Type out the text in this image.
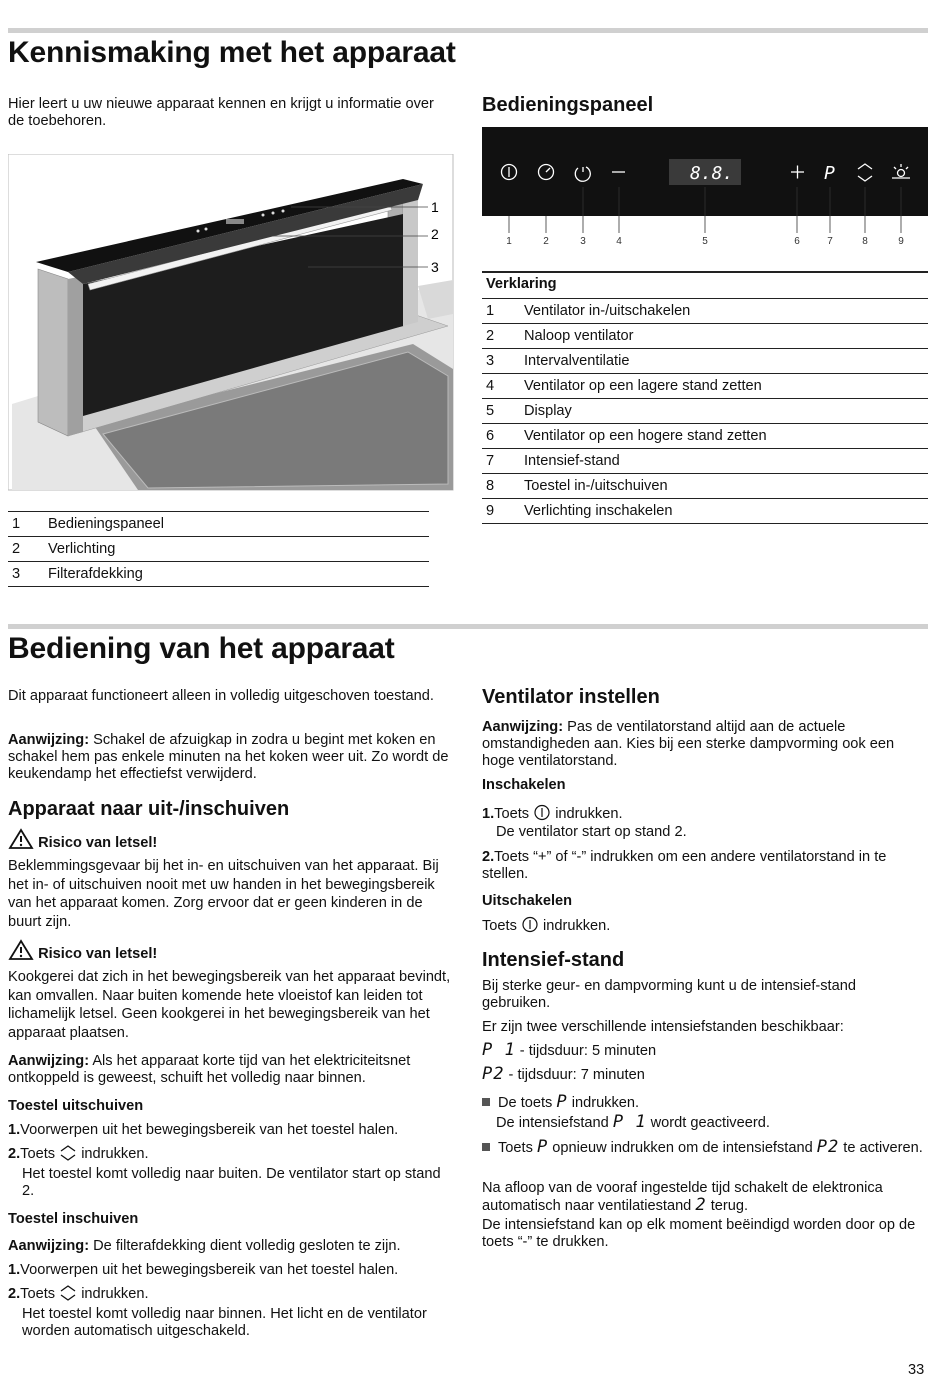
Kennismaking met het apparaat

Hier leert u uw nieuwe apparaat kennen en krijgt u informatie over de toebehoren.

1
2
3
1	Bedieningspaneel
2	Verlichting
3	Filterafdekking
Bedieningspaneel
P
8.8.
1	2	3	4	5	6	7	8	9
Verklaring
1	Ventilator in-/uitschakelen
2	Naloop ventilator
3	Intervalventilatie
4	Ventilator op een lagere stand zetten
5	Display
6	Ventilator op een hogere stand zetten
7	Intensief-stand
8	Toestel in-/uitschuiven
9	Verlichting inschakelen
Bediening van het apparaat

Dit apparaat functioneert alleen in volledig uitgeschoven toestand.

Aanwijzing: Schakel de afzuigkap in zodra u begint met koken en schakel hem pas enkele minuten na het koken weer uit. Zo wordt de keukendamp het effectiefst verwijderd.

Apparaat naar uit-/inschuiven
Risico van letsel!

Beklemmingsgevaar bij het in- en uitschuiven van het apparaat. Bij het in- of uitschuiven nooit met uw handen in het bewegingsbereik van het apparaat komen. Zorg ervoor dat er geen kinderen in de buurt zijn.

Risico van letsel!

Kookgerei dat zich in het bewegingsbereik van het apparaat bevindt, kan omvallen. Naar buiten komende hete vloeistof kan leiden tot lichamelijk letsel. Geen kookgerei in het bewegingsbereik van het apparaat plaatsen.

Aanwijzing: Als het apparaat korte tijd van het elektriciteitsnet ontkoppeld is geweest, schuift het volledig naar binnen.

Toestel uitschuiven

1.Voorwerpen uit het bewegingsbereik van het toestel halen.

2.Toets indrukken.

Het toestel komt volledig naar buiten. De ventilator start op stand 2.

Toestel inschuiven

Aanwijzing: De filterafdekking dient volledig gesloten te zijn.

1.Voorwerpen uit het bewegingsbereik van het toestel halen.

2.Toets indrukken.

Het toestel komt volledig naar binnen. Het licht en de ventilator worden automatisch uitgeschakeld.

Ventilator instellen

Aanwijzing: Pas de ventilatorstand altijd aan de actuele omstandigheden aan. Kies bij een sterke dampvorming ook een hoge ventilatorstand.

Inschakelen

1.Toets indrukken.

De ventilator start op stand 2.

2.Toets “+” of “-” indrukken om een andere ventilatorstand in te stellen.

Uitschakelen

Toets indrukken.

Intensief-stand

Bij sterke geur- en dampvorming kunt u de intensief-stand gebruiken.

Er zijn twee verschillende intensiefstanden beschikbaar:

P 1 - tijdsduur: 5 minuten

P2 - tijdsduur: 7 minuten

De toets P indrukken.

De intensiefstand P 1 wordt geactiveerd.

Toets P opnieuw indrukken om de intensiefstand P2 te activeren.

Na afloop van de vooraf ingestelde tijd schakelt de elektronica automatisch naar ventilatiestand 2 terug.

De intensiefstand kan op elk moment beëindigd worden door op de toets “-” te drukken.

33
